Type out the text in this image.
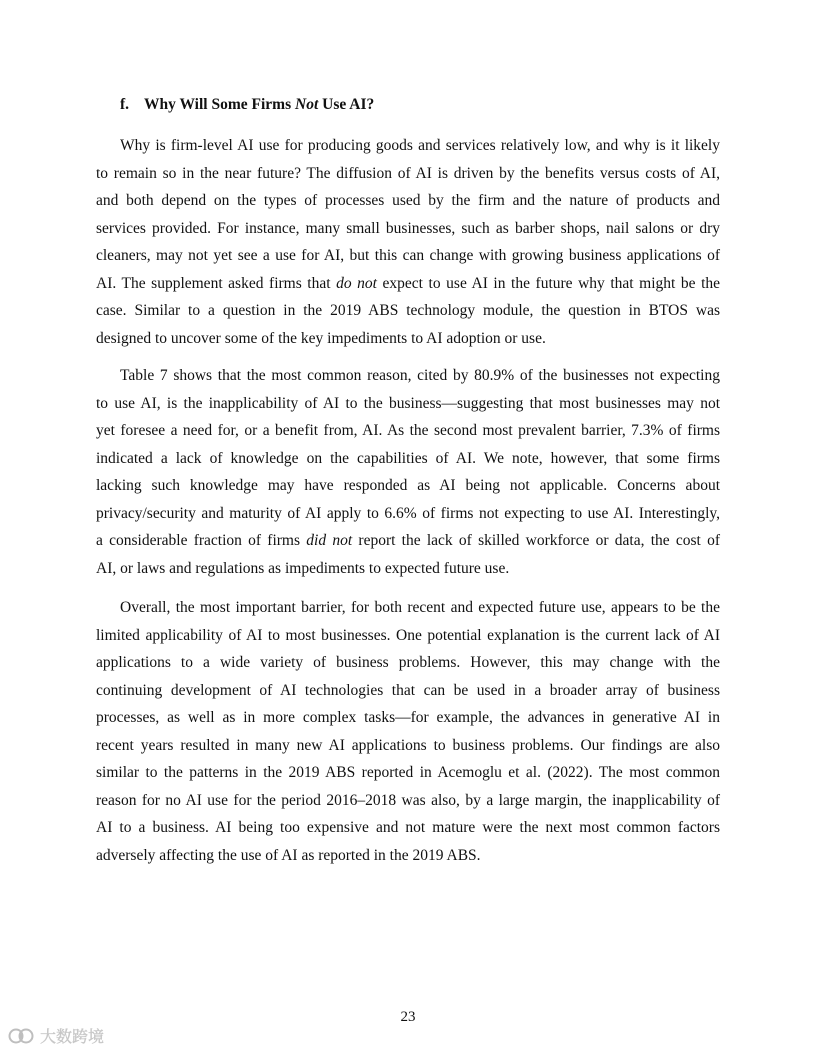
f. Why Will Some Firms Not Use AI?
Why is firm-level AI use for producing goods and services relatively low, and why is it likely
to remain so in the near future? The diffusion of AI is driven by the benefits versus costs of AI,
and both depend on the types of processes used by the firm and the nature of products and
services provided. For instance, many small businesses, such as barber shops, nail salons or dry
cleaners, may not yet see a use for AI, but this can change with growing business applications of
AI. The supplement asked firms that do not expect to use AI in the future why that might be the
case. Similar to a question in the 2019 ABS technology module, the question in BTOS was
designed to uncover some of the key impediments to AI adoption or use.
Table 7 shows that the most common reason, cited by 80.9% of the businesses not expecting
to use AI, is the inapplicability of AI to the business—suggesting that most businesses may not
yet foresee a need for, or a benefit from, AI. As the second most prevalent barrier, 7.3% of firms
indicated a lack of knowledge on the capabilities of AI. We note, however, that some firms
lacking such knowledge may have responded as AI being not applicable. Concerns about
privacy/security and maturity of AI apply to 6.6% of firms not expecting to use AI. Interestingly,
a considerable fraction of firms did not report the lack of skilled workforce or data, the cost of
AI, or laws and regulations as impediments to expected future use.
Overall, the most important barrier, for both recent and expected future use, appears to be the
limited applicability of AI to most businesses. One potential explanation is the current lack of AI
applications to a wide variety of business problems. However, this may change with the
continuing development of AI technologies that can be used in a broader array of business
processes, as well as in more complex tasks—for example, the advances in generative AI in
recent years resulted in many new AI applications to business problems. Our findings are also
similar to the patterns in the 2019 ABS reported in Acemoglu et al. (2022). The most common
reason for no AI use for the period 2016–2018 was also, by a large margin, the inapplicability of
AI to a business. AI being too expensive and not mature were the next most common factors
adversely affecting the use of AI as reported in the 2019 ABS.
23
大数跨境
